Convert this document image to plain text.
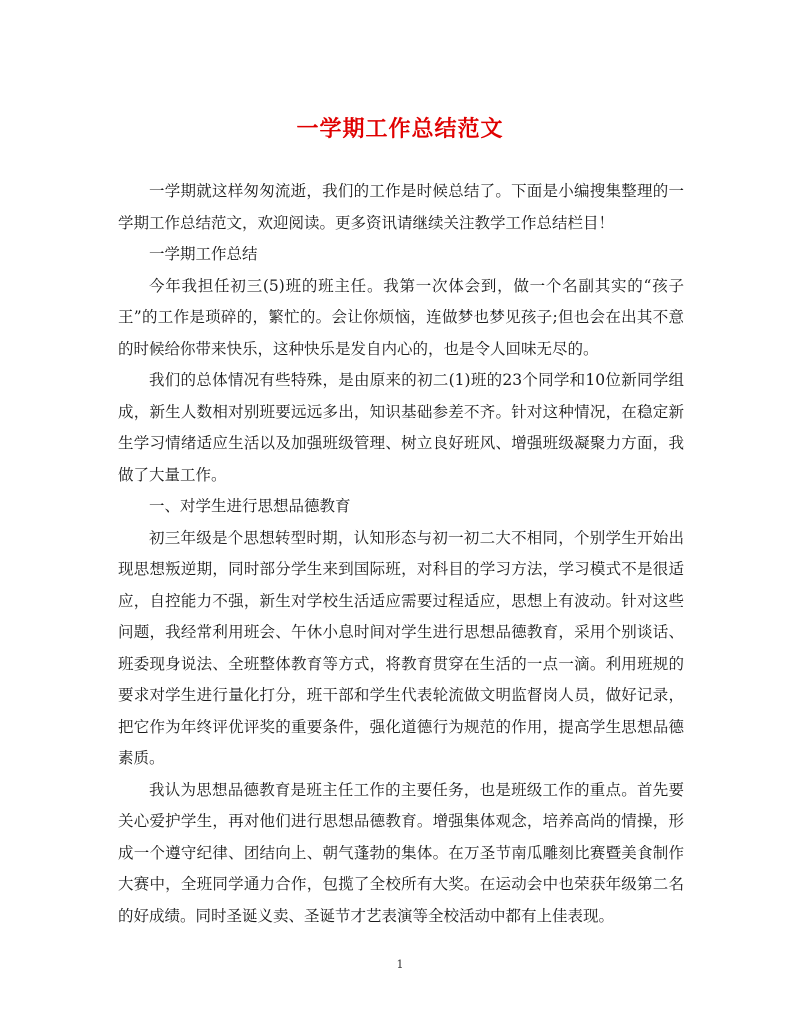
一学期工作总结范文

一学期就这样匆匆流逝，我们的工作是时候总结了。下面是小编搜集整理的一学期工作总结范文，欢迎阅读。更多资讯请继续关注教学工作总结栏目！

一学期工作总结

今年我担任初三(5)班的班主任。我第一次体会到，做一个名副其实的“孩子王”的工作是琐碎的，繁忙的。会让你烦恼，连做梦也梦见孩子;但也会在出其不意的时候给你带来快乐，这种快乐是发自内心的，也是令人回味无尽的。

我们的总体情况有些特殊，是由原来的初二(1)班的23个同学和10位新同学组成，新生人数相对别班要远远多出，知识基础参差不齐。针对这种情况，在稳定新生学习情绪适应生活以及加强班级管理、树立良好班风、增强班级凝聚力方面，我做了大量工作。

一、对学生进行思想品德教育

初三年级是个思想转型时期，认知形态与初一初二大不相同，个别学生开始出现思想叛逆期，同时部分学生来到国际班，对科目的学习方法，学习模式不是很适应，自控能力不强，新生对学校生活适应需要过程适应，思想上有波动。针对这些问题，我经常利用班会、午休小息时间对学生进行思想品德教育，采用个别谈话、班委现身说法、全班整体教育等方式，将教育贯穿在生活的一点一滴。利用班规的要求对学生进行量化打分，班干部和学生代表轮流做文明监督岗人员，做好记录，把它作为年终评优评奖的重要条件，强化道德行为规范的作用，提高学生思想品德素质。

我认为思想品德教育是班主任工作的主要任务，也是班级工作的重点。首先要关心爱护学生，再对他们进行思想品德教育。增强集体观念，培养高尚的情操，形成一个遵守纪律、团结向上、朝气蓬勃的集体。在万圣节南瓜雕刻比赛暨美食制作大赛中，全班同学通力合作，包揽了全校所有大奖。在运动会中也荣获年级第二名的好成绩。同时圣诞义卖、圣诞节才艺表演等全校活动中都有上佳表现。

1
